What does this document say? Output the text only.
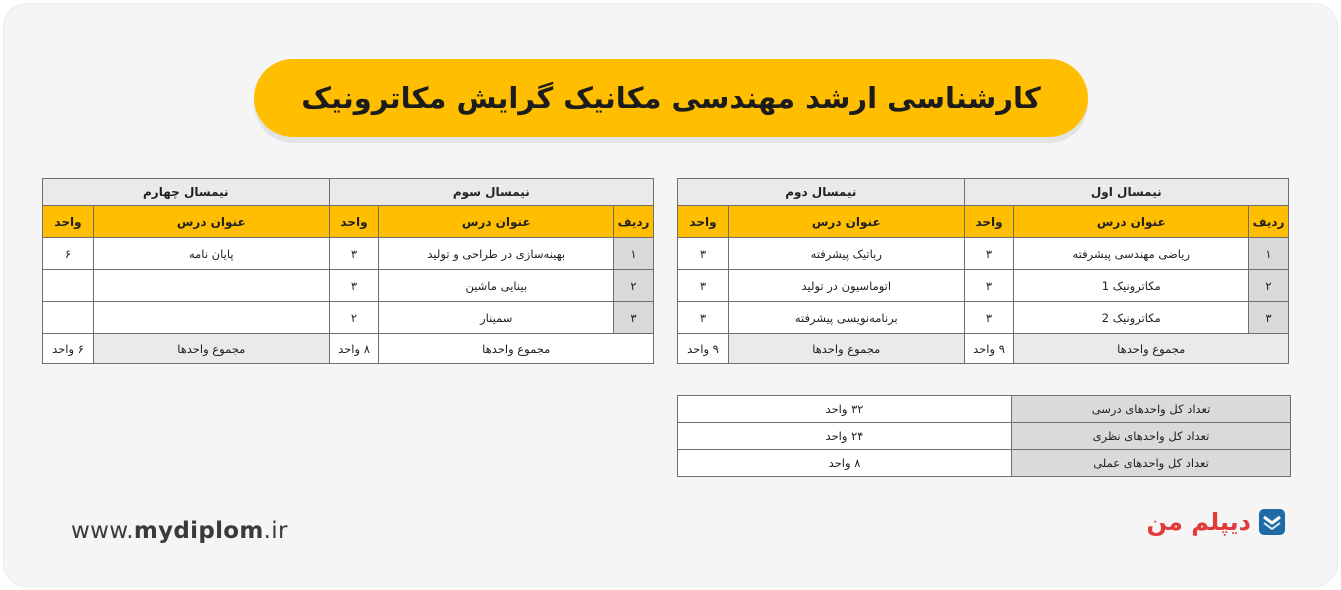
کارشناسی ارشد مهندسی مکانیک گرایش مکاترونیک
نیمسال اول			نیمسال دوم	
ردیف	عنوان درس	واحد	عنوان درس	واحد
۱	ریاضی مهندسی پیشرفته	۳	رباتیک پیشرفته	۳
۲	مکاترونیک 1	۳	اتوماسیون در تولید	۳
۳	مکاترونیک 2	۳	برنامه‌نویسی پیشرفته	۳
مجموع واحدها		۹ واحد	مجموع واحدها	۹ واحد
نیمسال سوم			نیمسال چهارم	
ردیف	عنوان درس	واحد	عنوان درس	واحد
۱	بهینه‌سازی در طراحی و تولید	۳	پایان نامه	۶
۲	بینایی ماشین	۳		
۳	سمینار	۲		
مجموع واحدها		۸ واحد	مجموع واحدها	۶ واحد
تعداد کل واحدهای درسی	۳۲ واحد
تعداد کل واحدهای نظری	۲۴ واحد
تعداد کل واحدهای عملی	۸ واحد
www.mydiplom.ir	دیپلم من
